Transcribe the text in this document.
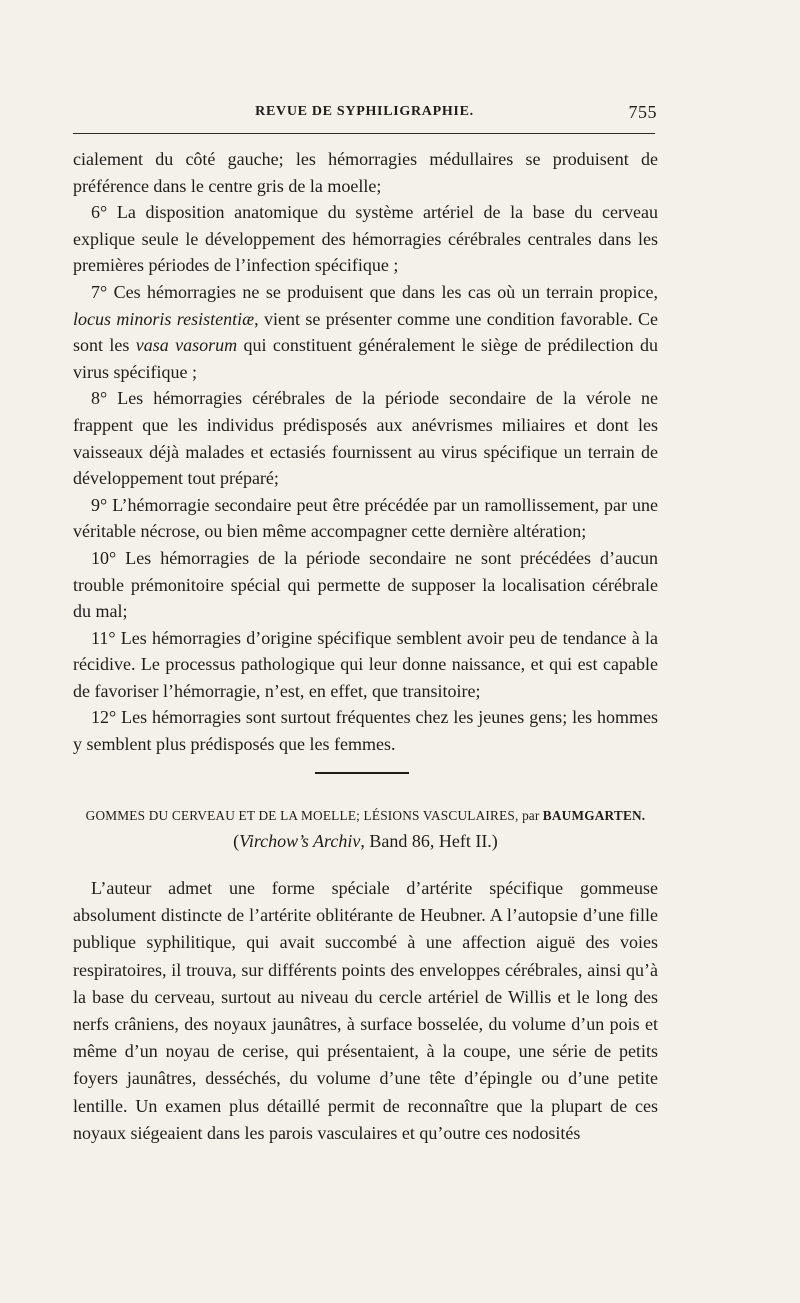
REVUE DE SYPHILIGRAPHIE.	755

cialement du côté gauche; les hémorragies médullaires se produisent de préférence dans le centre gris de la moelle;

6° La disposition anatomique du système artériel de la base du cerveau explique seule le développement des hémorragies cérébrales centrales dans les premières périodes de l’infection spécifique ;

7° Ces hémorragies ne se produisent que dans les cas où un terrain propice, locus minoris resistentiæ, vient se présenter comme une condition favorable. Ce sont les vasa vasorum qui constituent généralement le siège de prédilection du virus spécifique ;

8° Les hémorragies cérébrales de la période secondaire de la vérole ne frappent que les individus prédisposés aux anévrismes miliaires et dont les vaisseaux déjà malades et ectasiés fournissent au virus spécifique un terrain de développement tout préparé;

9° L’hémorragie secondaire peut être précédée par un ramollissement, par une véritable nécrose, ou bien même accompagner cette dernière altération;

10° Les hémorragies de la période secondaire ne sont précédées d’aucun trouble prémonitoire spécial qui permette de supposer la localisation cérébrale du mal;

11° Les hémorragies d’origine spécifique semblent avoir peu de tendance à la récidive. Le processus pathologique qui leur donne naissance, et qui est capable de favoriser l’hémorragie, n’est, en effet, que transitoire;

12° Les hémorragies sont surtout fréquentes chez les jeunes gens; les hommes y semblent plus prédisposés que les femmes.

GOMMES DU CERVEAU ET DE LA MOELLE; LÉSIONS VASCULAIRES, par BAUMGARTEN.
(Virchow’s Archiv, Band 86, Heft II.)

L’auteur admet une forme spéciale d’artérite spécifique gommeuse absolument distincte de l’artérite oblitérante de Heubner. A l’autopsie d’une fille publique syphilitique, qui avait succombé à une affection aiguë des voies respiratoires, il trouva, sur différents points des enveloppes cérébrales, ainsi qu’à la base du cerveau, surtout au niveau du cercle artériel de Willis et le long des nerfs crâniens, des noyaux jaunâtres, à surface bosselée, du volume d’un pois et même d’un noyau de cerise, qui présentaient, à la coupe, une série de petits foyers jaunâtres, desséchés, du volume d’une tête d’épingle ou d’une petite lentille. Un examen plus détaillé permit de reconnaître que la plupart de ces noyaux siégeaient dans les parois vasculaires et qu’outre ces nodosités
